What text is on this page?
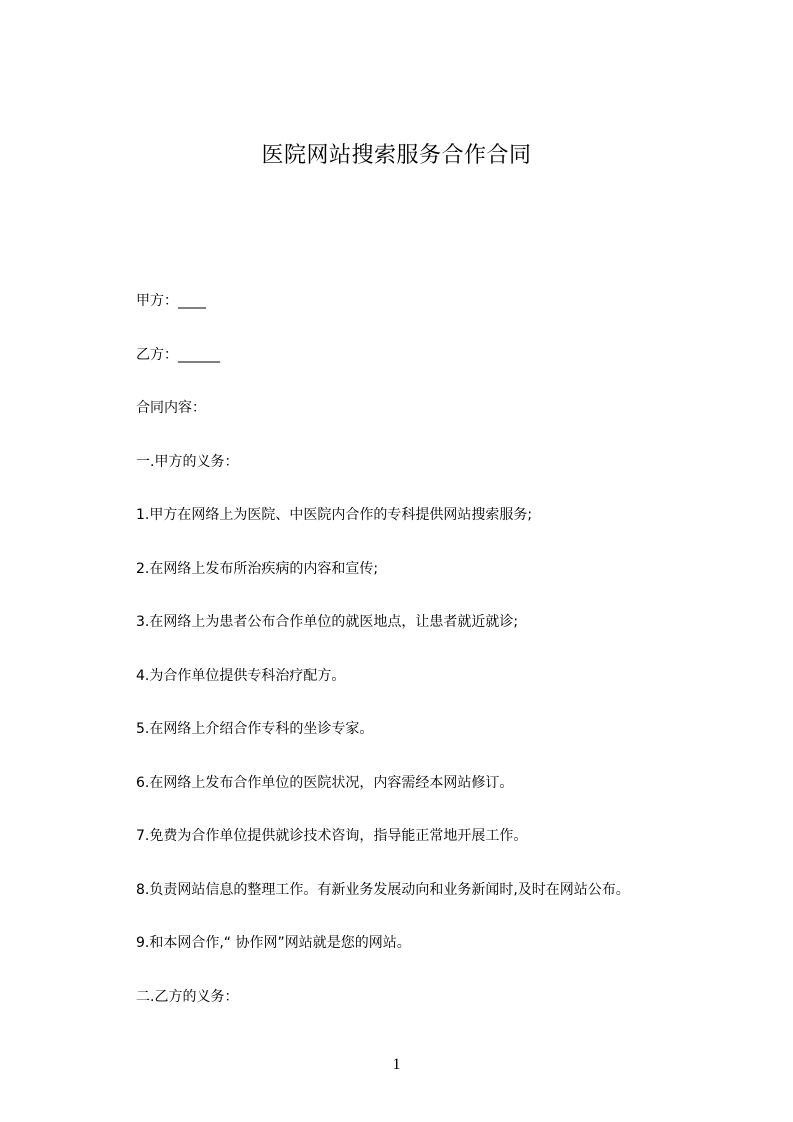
医院网站搜索服务合作合同
甲方：____
乙方：______
合同内容：
一.甲方的义务：
1.甲方在网络上为医院、中医院内合作的专科提供网站搜索服务;
2.在网络上发布所治疾病的内容和宣传;
3.在网络上为患者公布合作单位的就医地点，让患者就近就诊;
4.为合作单位提供专科治疗配方。
5.在网络上介绍合作专科的坐诊专家。
6.在网络上发布合作单位的医院状况，内容需经本网站修订。
7.免费为合作单位提供就诊技术咨询，指导能正常地开展工作。
8.负责网站信息的整理工作。有新业务发展动向和业务新闻时,及时在网站公布。
9.和本网合作,“ 协作网”网站就是您的网站。
二.乙方的义务：
1
